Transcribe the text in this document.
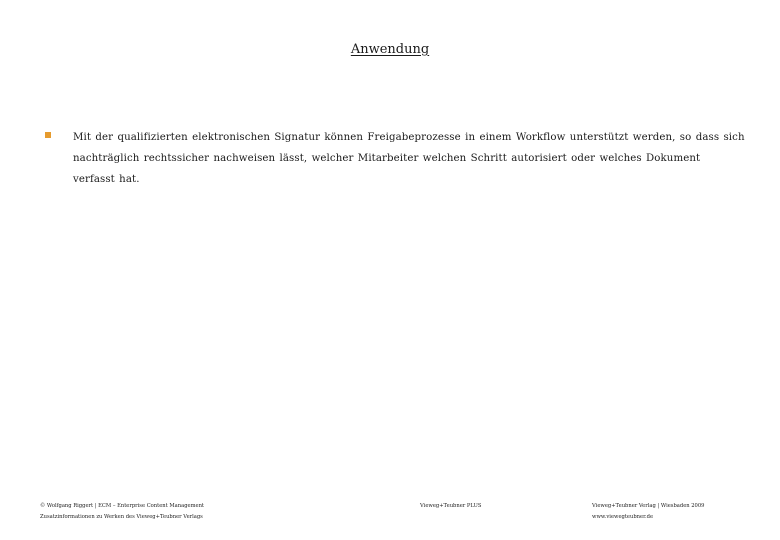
Anwendung
Mit der qualifizierten elektronischen Signatur können Freigabeprozesse in einem Workflow unterstützt werden, so dass sich nachträglich rechtssicher nachweisen lässt, welcher Mitarbeiter welchen Schritt autorisiert oder welches Dokument verfasst hat.
© Wolfgang Riggert | ECM – Enterprise Content Management
Zusatzinformationen zu Werken des Vieweg+Teubner Verlags
Vieweg+Teubner PLUS	Vieweg+Teubner Verlag | Wiesbaden 2009
www.viewegteubner.de
